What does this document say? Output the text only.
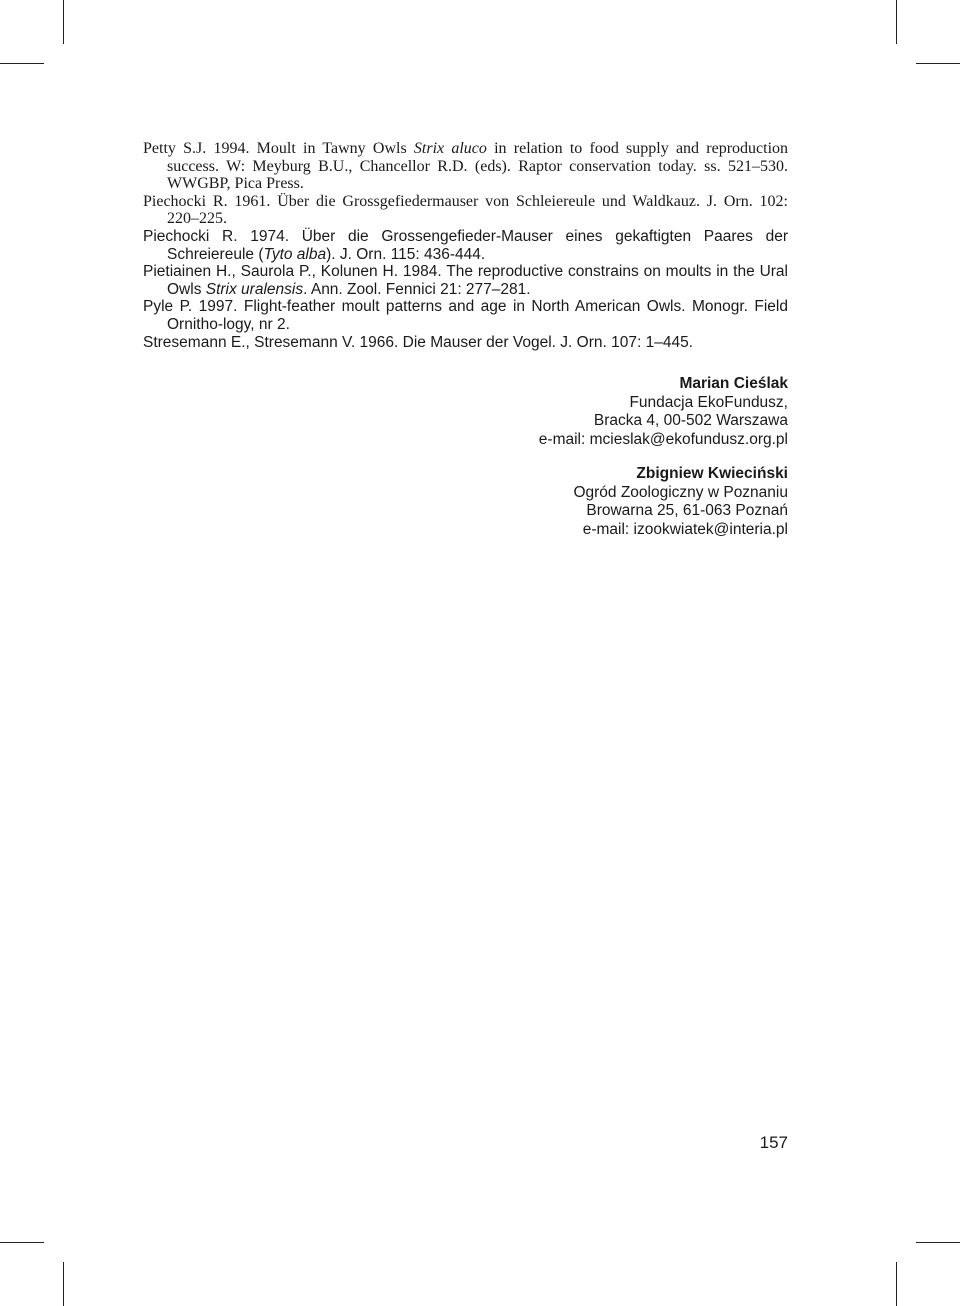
Petty S.J. 1994. Moult in Tawny Owls Strix aluco in relation to food supply and reproduction success. W: Meyburg B.U., Chancellor R.D. (eds). Raptor conservation today. ss. 521–530. WWGBP, Pica Press.

Piechocki R. 1961. Über die Grossgefiedermauser von Schleiereule und Waldkauz. J. Orn. 102: 220–225.

Piechocki R. 1974. Über die Grossengefieder-Mauser eines gekaftigten Paares der Schreiereule (Tyto alba). J. Orn. 115: 436-444.

Pietiainen H., Saurola P., Kolunen H. 1984. The reproductive constrains on moults in the Ural Owls Strix uralensis. Ann. Zool. Fennici 21: 277–281.

Pyle P. 1997. Flight-feather moult patterns and age in North American Owls. Monogr. Field Ornitho-logy, nr 2.

Stresemann E., Stresemann V. 1966. Die Mauser der Vogel. J. Orn. 107: 1–445.

Marian Cieślak
Fundacja EkoFundusz,
Bracka 4, 00-502 Warszawa
e-mail: mcieslak@ekofundusz.org.pl
Zbigniew Kwieciński
Ogród Zoologiczny w Poznaniu
Browarna 25, 61-063 Poznań
e-mail: izookwiatek@interia.pl
157
